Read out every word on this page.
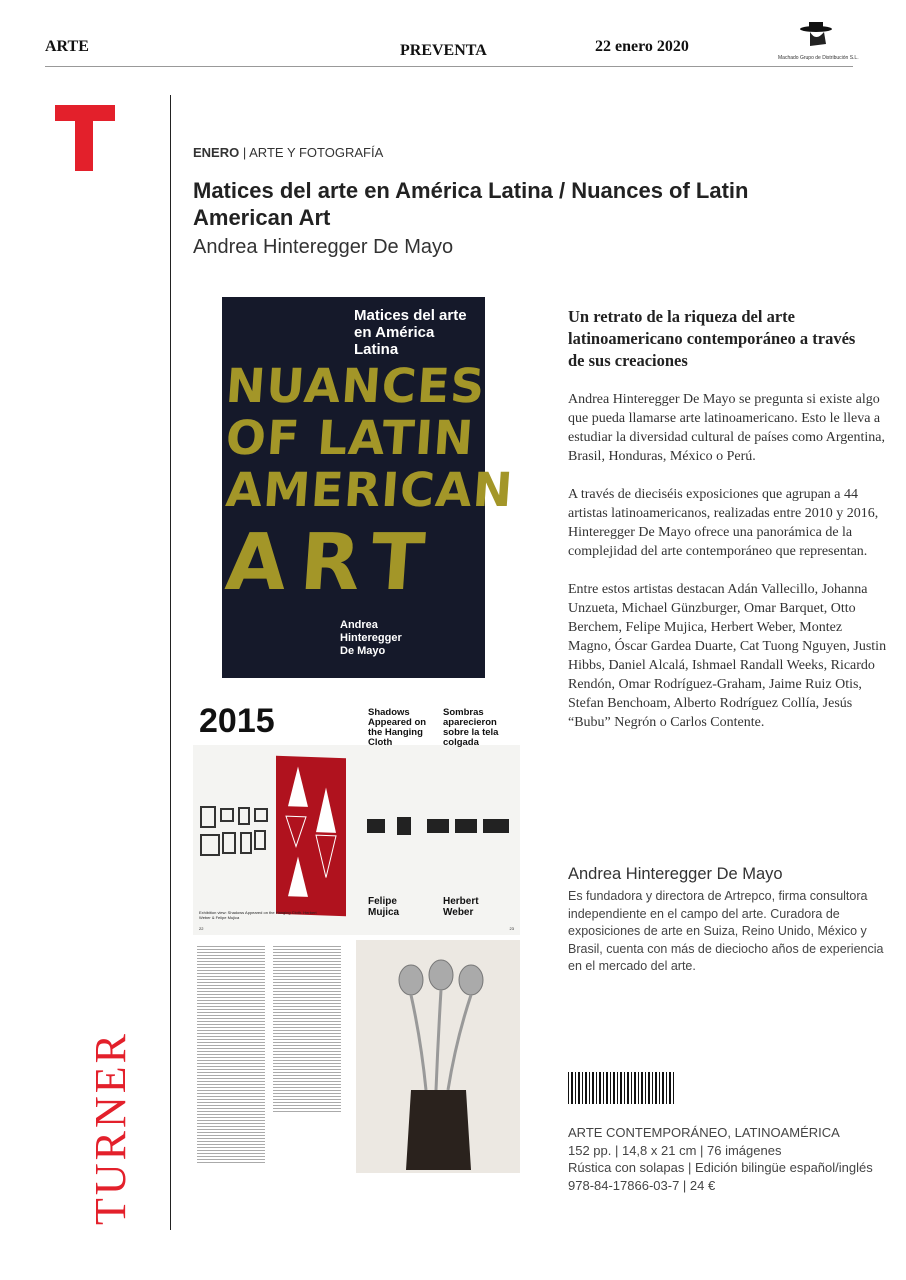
ARTE	PREVENTA	22 enero 2020
Machado Grupo de Distribución S.L.
TURNER
ENERO | ARTE Y FOTOGRAFÍA
Matices del arte en América Latina / Nuances of Latin American Art
Andrea Hinteregger De Mayo
Matices del arte en América Latina
NUANCES
OF LATIN
AMERICAN
ART
Andrea
Hinteregger
De Mayo
2015	Shadows Appeared on the Hanging Cloth
Sombras aparecieron sobre la tela colgada
Felipe Mujica
Herbert Weber
Exhibition view: Shadows Appeared on the Hanging Cloth. Herbert Weber & Felipe Mujica
22	23
Un retrato de la riqueza del arte latinoamericano contemporáneo a través de sus creaciones

Andrea Hinteregger De Mayo se pregunta si existe algo que pueda llamarse arte latinoamericano. Esto le lleva a estudiar la diversidad cultural de países como Argentina, Brasil, Honduras, México o Perú.

A través de dieciséis exposiciones que agrupan a 44 artistas latinoamericanos, realizadas entre 2010 y 2016, Hinteregger De Mayo ofrece una panorámica de la complejidad del arte contemporáneo que representan.

Entre estos artistas destacan Adán Vallecillo, Johanna Unzueta, Michael Günzburger, Omar Barquet, Otto Berchem, Felipe Mujica, Herbert Weber, Montez Magno, Óscar Gardea Duarte, Cat Tuong Nguyen, Justin Hibbs, Daniel Alcalá, Ishmael Randall Weeks, Ricardo Rendón, Omar Rodríguez-Graham, Jaime Ruiz Otis, Stefan Benchoam, Alberto Rodríguez Collía, Jesús “Bubu” Negrón o Carlos Contente.

Andrea Hinteregger De Mayo
Es fundadora y directora de Artrepco, firma consultora independiente en el campo del arte. Curadora de exposiciones de arte en Suiza, Reino Unido, México y Brasil, cuenta con más de dieciocho años de experiencia en el mercado del arte.
ARTE CONTEMPORÁNEO, LATINOAMÉRICA
152 pp. | 14,8 x 21 cm | 76 imágenes
Rústica con solapas | Edición bilingüe español/inglés
978-84-17866-03-7 | 24 €
